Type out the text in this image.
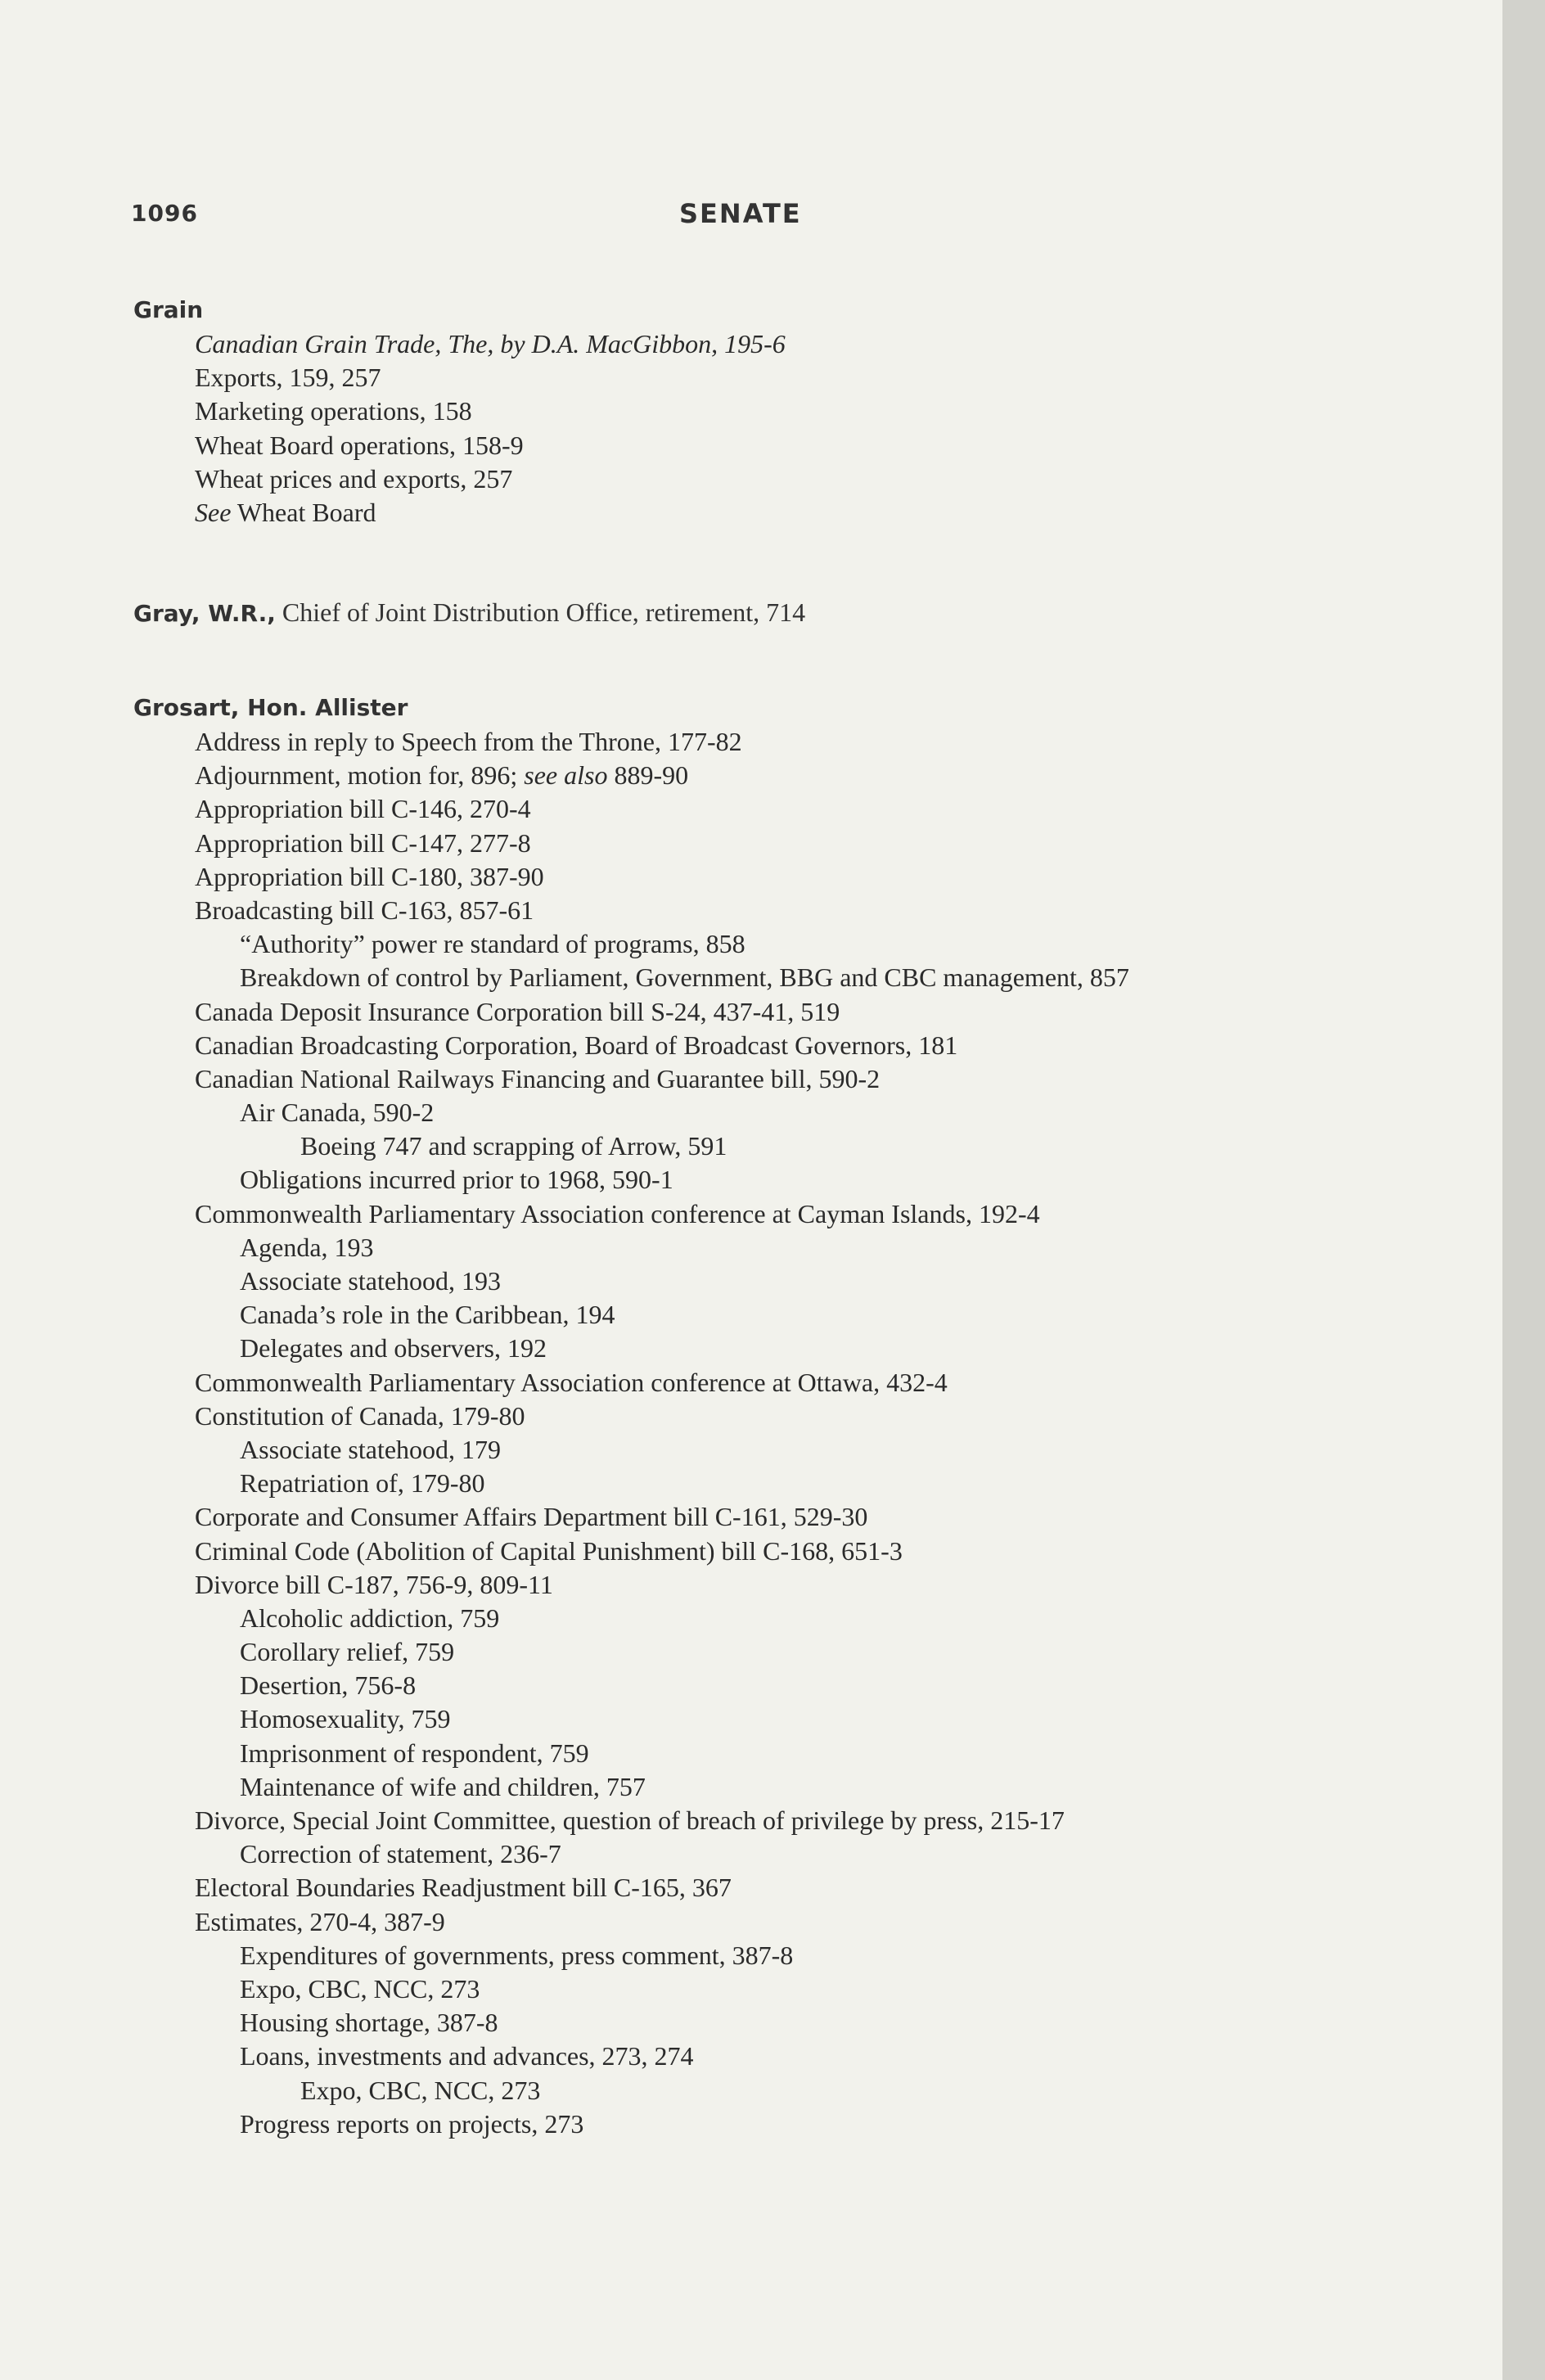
1096	SENATE
Grain
Canadian Grain Trade, The, by D.A. MacGibbon, 195-6
Exports, 159, 257
Marketing operations, 158
Wheat Board operations, 158-9
Wheat prices and exports, 257
See Wheat Board
Gray, W.R., Chief of Joint Distribution Office, retirement, 714
Grosart, Hon. Allister
Address in reply to Speech from the Throne, 177-82
Adjournment, motion for, 896; see also 889-90
Appropriation bill C-146, 270-4
Appropriation bill C-147, 277-8
Appropriation bill C-180, 387-90
Broadcasting bill C-163, 857-61
“Authority” power re standard of programs, 858
Breakdown of control by Parliament, Government, BBG and CBC management, 857
Canada Deposit Insurance Corporation bill S-24, 437-41, 519
Canadian Broadcasting Corporation, Board of Broadcast Governors, 181
Canadian National Railways Financing and Guarantee bill, 590-2
Air Canada, 590-2
Boeing 747 and scrapping of Arrow, 591
Obligations incurred prior to 1968, 590-1
Commonwealth Parliamentary Association conference at Cayman Islands, 192-4
Agenda, 193
Associate statehood, 193
Canada’s role in the Caribbean, 194
Delegates and observers, 192
Commonwealth Parliamentary Association conference at Ottawa, 432-4
Constitution of Canada, 179-80
Associate statehood, 179
Repatriation of, 179-80
Corporate and Consumer Affairs Department bill C-161, 529-30
Criminal Code (Abolition of Capital Punishment) bill C-168, 651-3
Divorce bill C-187, 756-9, 809-11
Alcoholic addiction, 759
Corollary relief, 759
Desertion, 756-8
Homosexuality, 759
Imprisonment of respondent, 759
Maintenance of wife and children, 757
Divorce, Special Joint Committee, question of breach of privilege by press, 215-17
Correction of statement, 236-7
Electoral Boundaries Readjustment bill C-165, 367
Estimates, 270-4, 387-9
Expenditures of governments, press comment, 387-8
Expo, CBC, NCC, 273
Housing shortage, 387-8
Loans, investments and advances, 273, 274
Expo, CBC, NCC, 273
Progress reports on projects, 273
